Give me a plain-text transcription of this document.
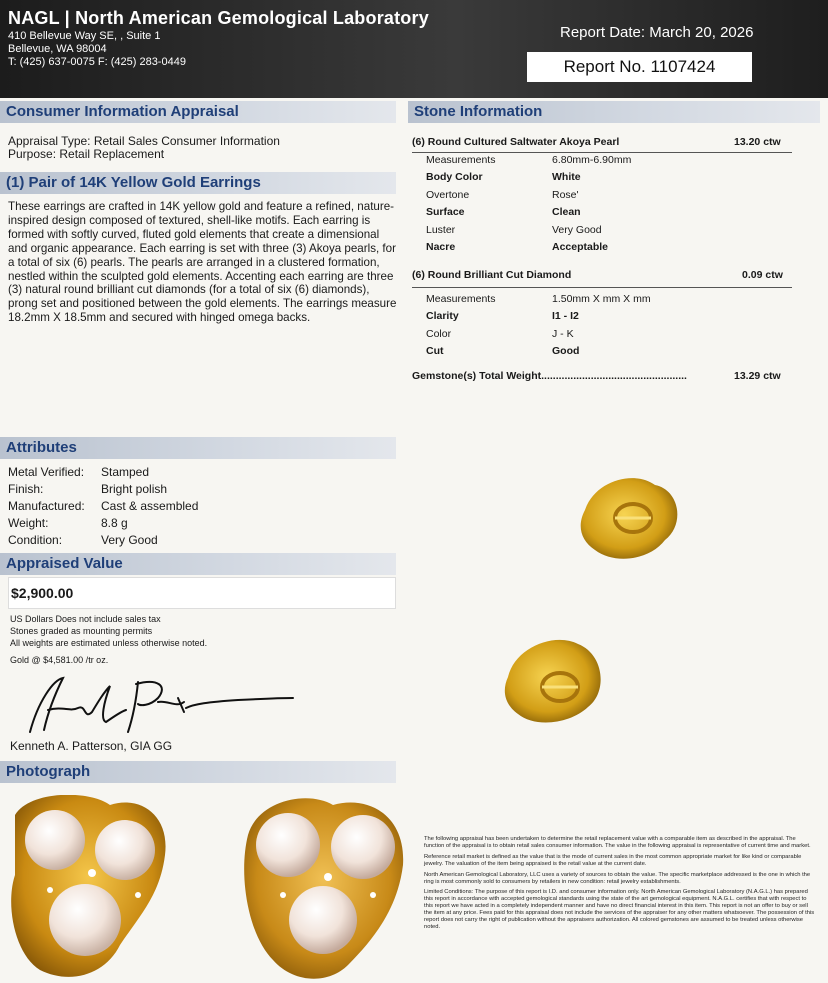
NAGL | North American Gemological Laboratory
410 Bellevue Way SE, , Suite 1
Bellevue, WA 98004
T: (425) 637-0075 F: (425) 283-0449
Report Date: March 20, 2026
Report No. 1107424
Consumer Information Appraisal
Appraisal Type: Retail Sales Consumer Information
Purpose: Retail Replacement
(1) Pair of 14K Yellow Gold Earrings
These earrings are crafted in 14K yellow gold and feature a refined, nature-inspired design composed of textured, shell-like motifs. Each earring is formed with softly curved, fluted gold elements that create a dimensional and organic appearance. Each earring is set with three (3) Akoya pearls, for a total of six (6) pearls. The pearls are arranged in a clustered formation, nestled within the sculpted gold elements. Accenting each earring are three (3) natural round brilliant cut diamonds (for a total of six (6) diamonds), prong set and positioned between the gold elements. The earrings measure 18.2mm X 18.5mm and secured with hinged omega backs.
Stone Information
(6) Round Cultured Saltwater Akoya Pearl	13.20 ctw
Measurements	6.80mm-6.90mm
Body Color	White
Overtone	Rose'
Surface	Clean
Luster	Very Good
Nacre	Acceptable
(6) Round Brilliant Cut Diamond	0.09 ctw
Measurements	1.50mm X mm X mm
Clarity	I1 - I2
Color	J - K
Cut	Good
Gemstone(s) Total Weight..................................................	13.29 ctw
Attributes
Metal Verified: Stamped
Finish:	Bright polish
Manufactured: Cast & assembled
Weight:	8.8 g
Condition:	Very Good
Appraised Value
$2,900.00
US Dollars Does not include sales tax
Stones graded as mounting permits
All weights are estimated unless otherwise noted.
Gold @ $4,581.00 /tr oz.
Kenneth A. Patterson, GIA GG
Photograph

The following appraisal has been undertaken to determine the retail replacement value with a comparable item as described in the appraisal. The function of the appraisal is to obtain retail sales consumer information. The value in the following appraisal is representative of current time and market.

Reference retail market is defined as the value that is the mode of current sales in the most common appropriate market for like kind or comparable jewelry. The valuation of the item being appraised is the retail value at the current date.

North American Gemological Laboratory, LLC uses a variety of sources to obtain the value. The specific marketplace addressed is the one in which the ring is most commonly sold to consumers by retailers in new condition: retail jewelry establishments.

Limited Conditions: The purpose of this report is I.D. and consumer information only. North American Gemological Laboratory (N.A.G.L.) has prepared this report in accordance with accepted gemological standards using the state of the art gemological equipment. N.A.G.L. certifies that with respect to this report we have acted in a completely independent manner and have no direct financial interest in this item. This report is not an offer to buy or sell the item at any price. Fees paid for this appraisal does not include the services of the appraiser for any other matters whatsoever. The possession of this report does not carry the right of publication without the appraisers authorization. All colored gemstones are assumed to be treated unless otherwise noted.
